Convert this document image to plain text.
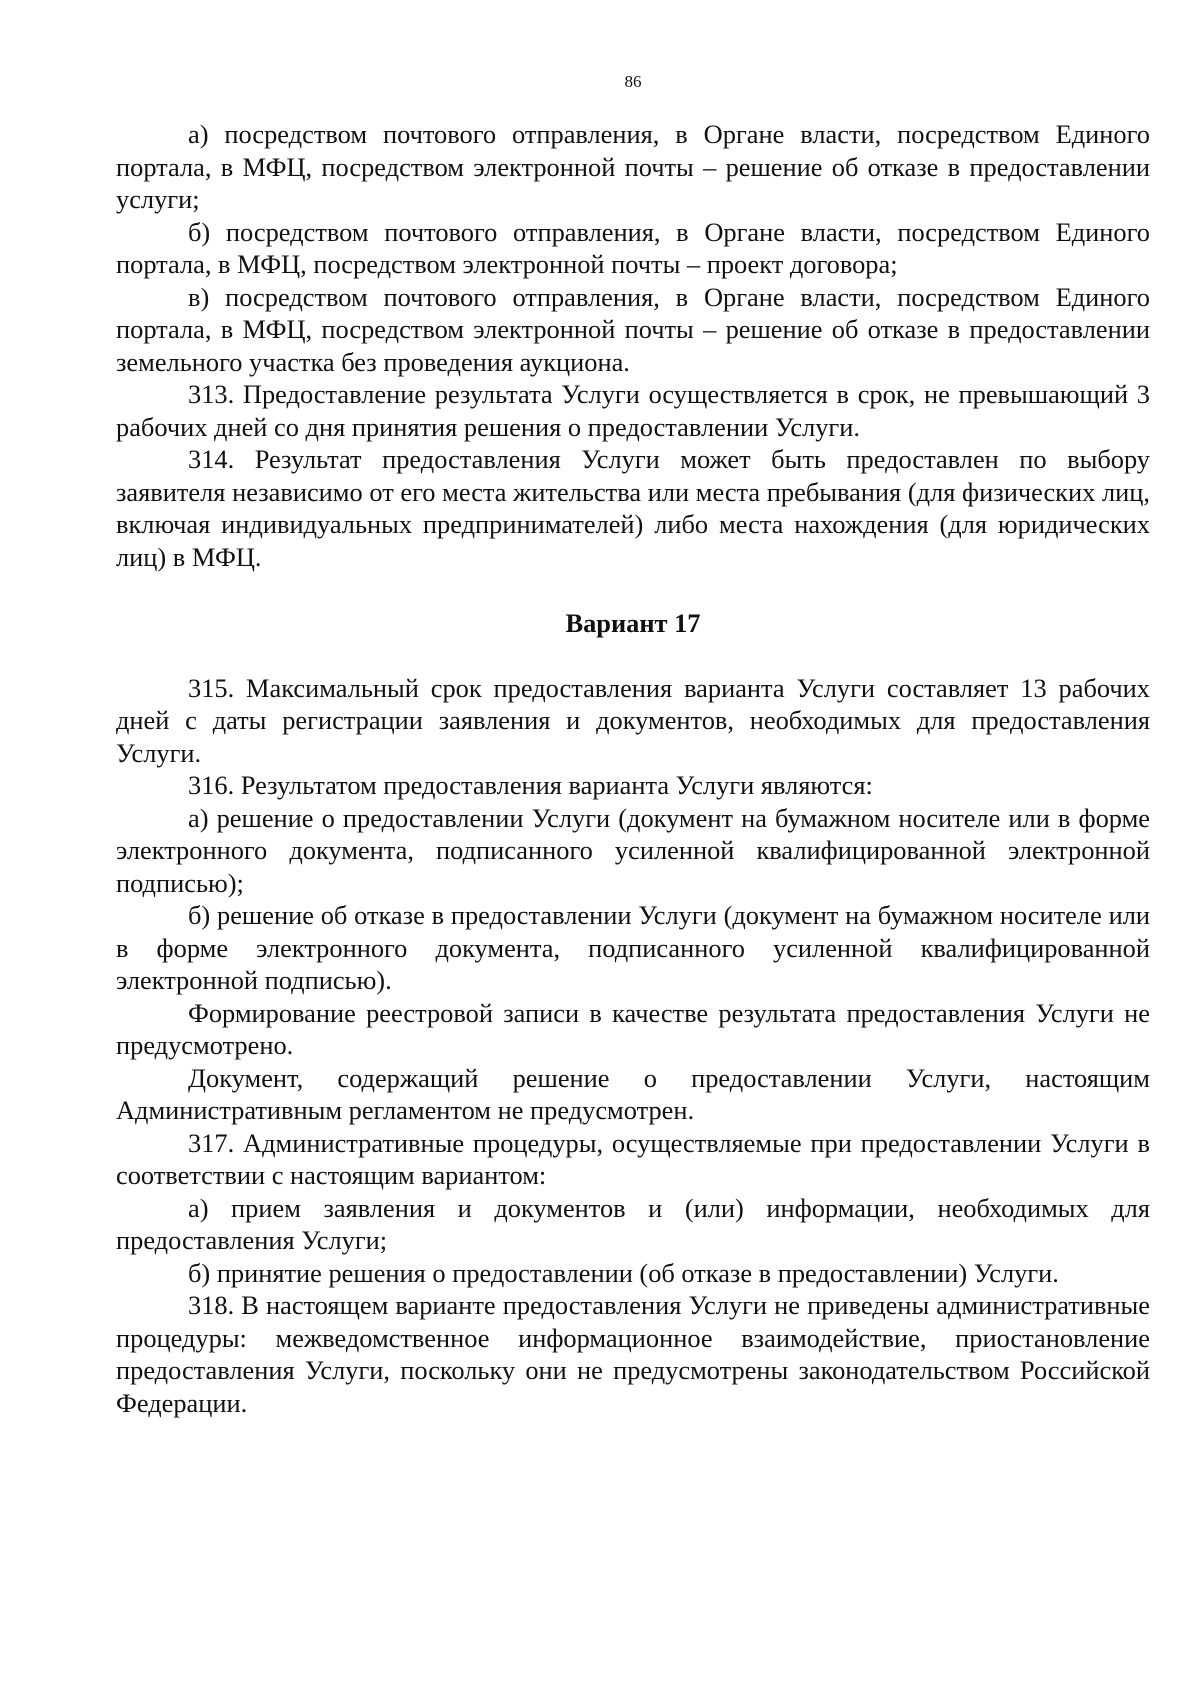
86

а) посредством почтового отправления, в Органе власти, посредством Единого портала, в МФЦ, посредством электронной почты – решение об отказе в предоставлении услуги;

б) посредством почтового отправления, в Органе власти, посредством Единого портала, в МФЦ, посредством электронной почты – проект договора;

в) посредством почтового отправления, в Органе власти, посредством Единого портала, в МФЦ, посредством электронной почты – решение об отказе в предоставлении земельного участка без проведения аукциона.

313. Предоставление результата Услуги осуществляется в срок, не превышающий 3 рабочих дней со дня принятия решения о предоставлении Услуги.

314. Результат предоставления Услуги может быть предоставлен по выбору заявителя независимо от его места жительства или места пребывания (для физических лиц, включая индивидуальных предпринимателей) либо места нахождения (для юридических лиц) в МФЦ.

Вариант 17

315. Максимальный срок предоставления варианта Услуги составляет 13 рабочих дней с даты регистрации заявления и документов, необходимых для предоставления Услуги.

316. Результатом предоставления варианта Услуги являются:

а) решение о предоставлении Услуги (документ на бумажном носителе или в форме электронного документа, подписанного усиленной квалифицированной электронной подписью);

б) решение об отказе в предоставлении Услуги (документ на бумажном носителе или в форме электронного документа, подписанного усиленной квалифицированной электронной подписью).

Формирование реестровой записи в качестве результата предоставления Услуги не предусмотрено.

Документ, содержащий решение о предоставлении Услуги, настоящим Административным регламентом не предусмотрен.

317. Административные процедуры, осуществляемые при предоставлении Услуги в соответствии с настоящим вариантом:

а) прием заявления и документов и (или) информации, необходимых для предоставления Услуги;

б) принятие решения о предоставлении (об отказе в предоставлении) Услуги.

318. В настоящем варианте предоставления Услуги не приведены административные процедуры: межведомственное информационное взаимодействие, приостановление предоставления Услуги, поскольку они не предусмотрены законодательством Российской Федерации.
